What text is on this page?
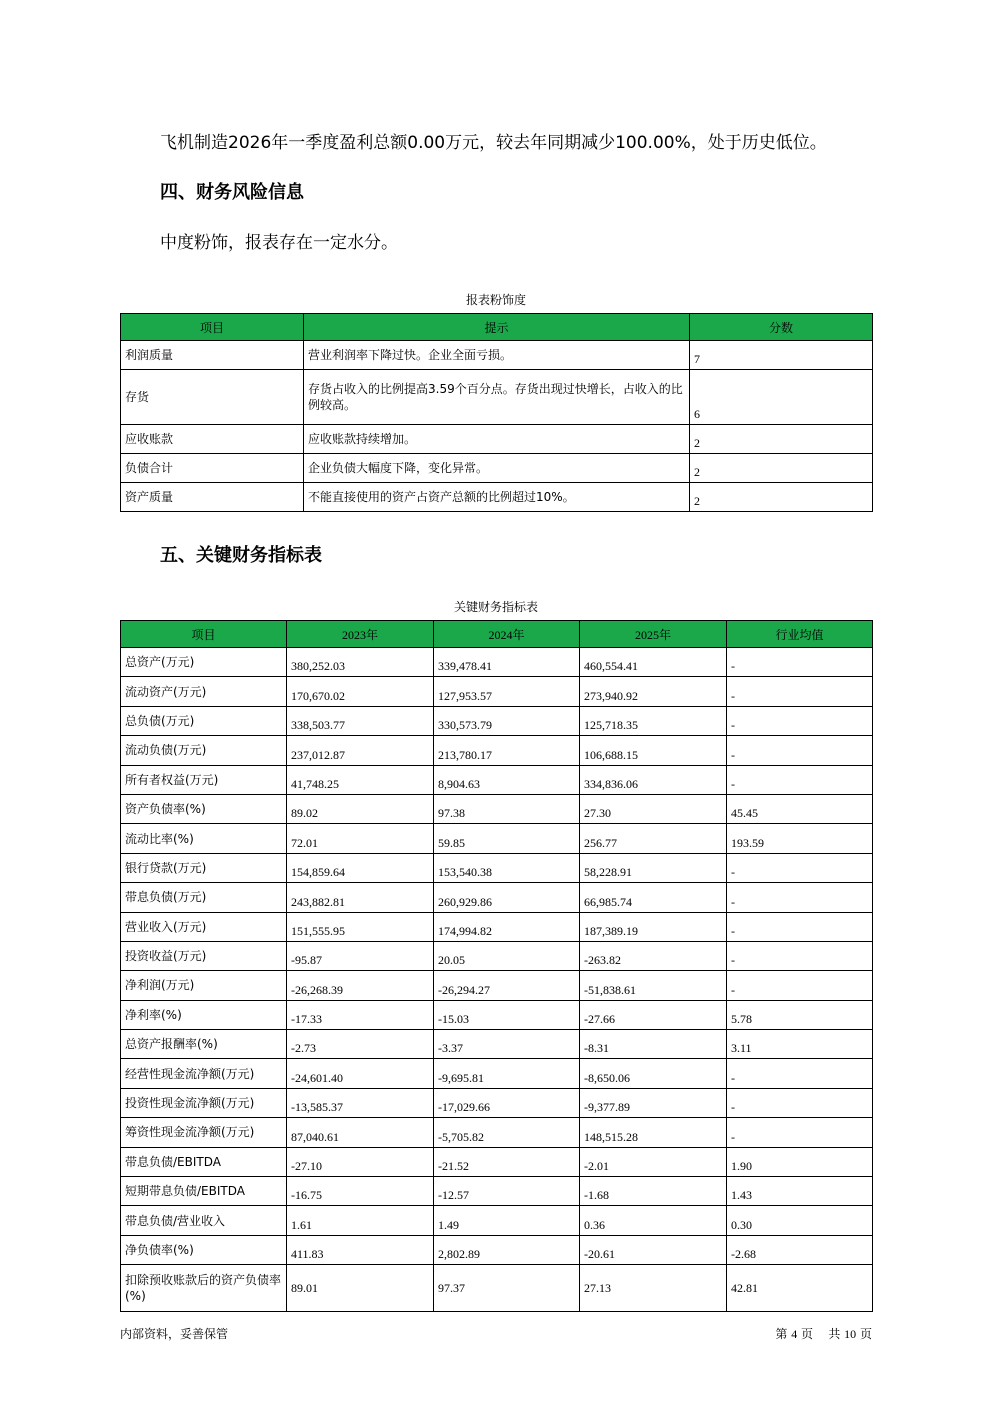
飞机制造2026年一季度盈利总额0.00万元，较去年同期减少100.00%，处于历史低位。
四、财务风险信息
中度粉饰，报表存在一定水分。
报表粉饰度
项目	提示	分数
利润质量	营业利润率下降过快。企业全面亏损。	7
存货	存货占收入的比例提高3.59个百分点。存货出现过快增长，占收入的比例较高。	6
应收账款	应收账款持续增加。	2
负债合计	企业负债大幅度下降，变化异常。	2
资产质量	不能直接使用的资产占资产总额的比例超过10%。	2
五、关键财务指标表
关键财务指标表
项目	2023年	2024年	2025年	行业均值
总资产(万元)	380,252.03	339,478.41	460,554.41	-
流动资产(万元)	170,670.02	127,953.57	273,940.92	-
总负债(万元)	338,503.77	330,573.79	125,718.35	-
流动负债(万元)	237,012.87	213,780.17	106,688.15	-
所有者权益(万元)	41,748.25	8,904.63	334,836.06	-
资产负债率(%)	89.02	97.38	27.30	45.45
流动比率(%)	72.01	59.85	256.77	193.59
银行贷款(万元)	154,859.64	153,540.38	58,228.91	-
带息负债(万元)	243,882.81	260,929.86	66,985.74	-
营业收入(万元)	151,555.95	174,994.82	187,389.19	-
投资收益(万元)	-95.87	20.05	-263.82	-
净利润(万元)	-26,268.39	-26,294.27	-51,838.61	-
净利率(%)	-17.33	-15.03	-27.66	5.78
总资产报酬率(%)	-2.73	-3.37	-8.31	3.11
经营性现金流净额(万元)	-24,601.40	-9,695.81	-8,650.06	-
投资性现金流净额(万元)	-13,585.37	-17,029.66	-9,377.89	-
筹资性现金流净额(万元)	87,040.61	-5,705.82	148,515.28	-
带息负债/EBITDA	-27.10	-21.52	-2.01	1.90
短期带息负债/EBITDA	-16.75	-12.57	-1.68	1.43
带息负债/营业收入	1.61	1.49	0.36	0.30
净负债率(%)	411.83	2,802.89	-20.61	-2.68
扣除预收账款后的资产负债率(%)	89.01	97.37	27.13	42.81
内部资料，妥善保管	第 4 页 共 10 页
